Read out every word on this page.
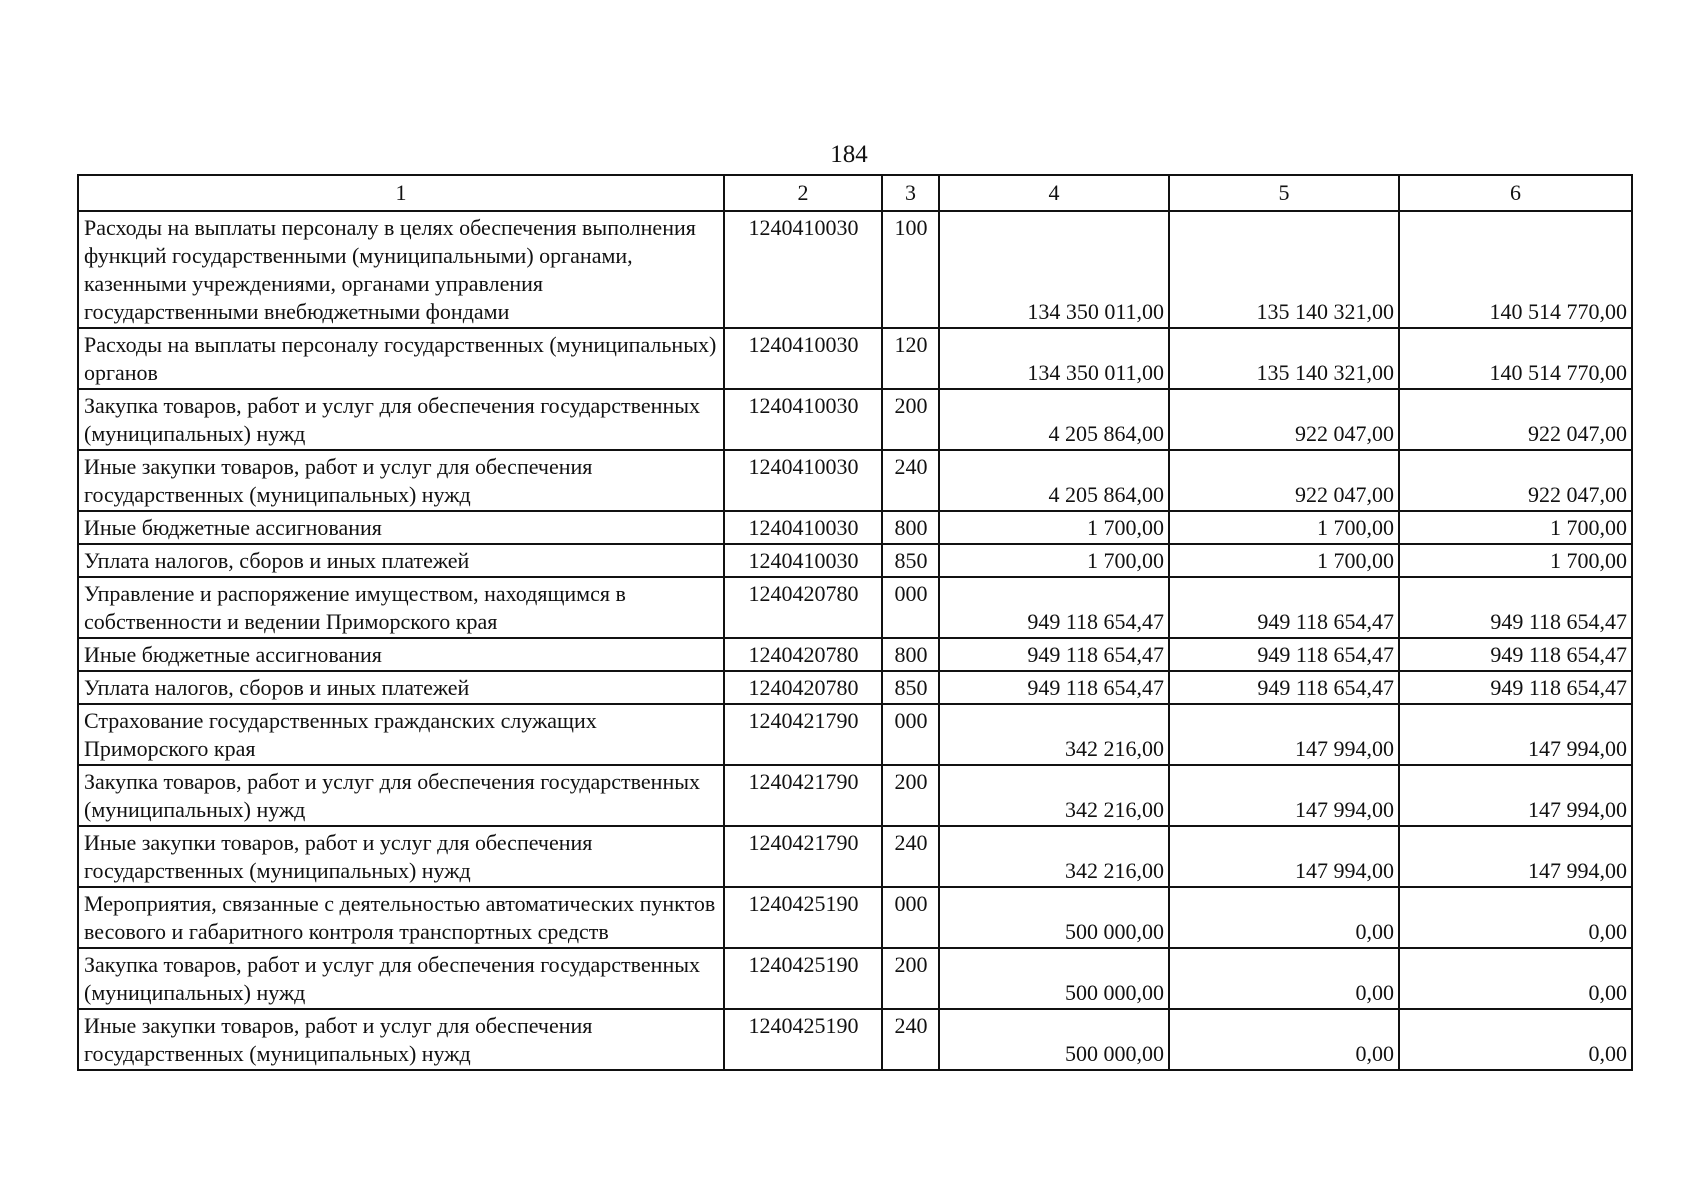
184
1	2	3	4	5	6
Расходы на выплаты персоналу в целях обеспечения выполнения функций государственными (муниципальными) органами, казенными учреждениями, органами управления государственными внебюджетными фондами	1240410030	100	134 350 011,00	135 140 321,00	140 514 770,00
Расходы на выплаты персоналу государственных (муниципальных) органов	1240410030	120	134 350 011,00	135 140 321,00	140 514 770,00
Закупка товаров, работ и услуг для обеспечения государственных (муниципальных) нужд	1240410030	200	4 205 864,00	922 047,00	922 047,00
Иные закупки товаров, работ и услуг для обеспечения государственных (муниципальных) нужд	1240410030	240	4 205 864,00	922 047,00	922 047,00
Иные бюджетные ассигнования	1240410030	800	1 700,00	1 700,00	1 700,00
Уплата налогов, сборов и иных платежей	1240410030	850	1 700,00	1 700,00	1 700,00
Управление и распоряжение имуществом, находящимся в собственности и ведении Приморского края	1240420780	000	949 118 654,47	949 118 654,47	949 118 654,47
Иные бюджетные ассигнования	1240420780	800	949 118 654,47	949 118 654,47	949 118 654,47
Уплата налогов, сборов и иных платежей	1240420780	850	949 118 654,47	949 118 654,47	949 118 654,47
Страхование государственных гражданских служащих Приморского края	1240421790	000	342 216,00	147 994,00	147 994,00
Закупка товаров, работ и услуг для обеспечения государственных (муниципальных) нужд	1240421790	200	342 216,00	147 994,00	147 994,00
Иные закупки товаров, работ и услуг для обеспечения государственных (муниципальных) нужд	1240421790	240	342 216,00	147 994,00	147 994,00
Мероприятия, связанные с деятельностью автоматических пунктов весового и габаритного контроля транспортных средств	1240425190	000	500 000,00	0,00	0,00
Закупка товаров, работ и услуг для обеспечения государственных (муниципальных) нужд	1240425190	200	500 000,00	0,00	0,00
Иные закупки товаров, работ и услуг для обеспечения государственных (муниципальных) нужд	1240425190	240	500 000,00	0,00	0,00
